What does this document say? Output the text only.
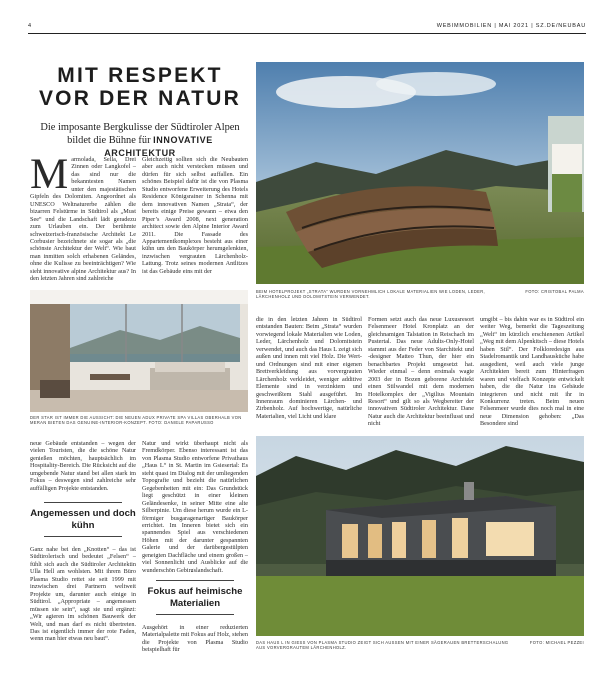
4	WEBIMMOBILIEN | MAI 2021 | SZ.DE/NEUBAU
MIT RESPEKT
VOR DER NATUR
Die imposante Bergkulisse der Südtiroler Alpen bildet die Bühne für INNOVATIVE ARCHITEKTUR
Marmolada, Sella, Drei Zinnen oder Langkofel – das sind nur die bekanntesten Namen unter den majestätischen Gipfeln des Dolomiten. Angeordnet als UNESCO Weltnaturerbe zählen die bizarren Felstürme in Südtirol als „Must See“ und die Landschaft lädt geradezu zum Urlauben ein. Der berühmte schweizerisch-französische Architekt Le Corbusier bezeichnete sie sogar als „die schönste Architektur der Welt“. Wie baut man inmitten solch erhabenen Geländes, ohne die Kulisse zu beeinträchtigen? Wie sieht innovative alpine Architektur aus? In den letzten Jahren sind zahlreiche
Gleichzeitig sollten sich die Neubauten aber auch nicht verstecken müssen und dürfen für sich selbst auffallen. Ein schönes Beispiel dafür ist die von Plasma Studio entworfene Erweiterung des Hotels Residence Königsrainer in Schenna mit dem innovativen Namen „Strata“, der bereits einige Preise gewann – etwa den Piper’s Award 2008, next generation architect sowie den Alpine Interior Award 2011. Die Fassade des Appartementkomplexes besteht aus einer kühn um den Baukörper herumgelenkten, inzwischen vergrauten Lärchenholz-Lattung. Trotz seines modernen Antlitzes ist das Gebäude eins mit der
BEIM HOTELPROJEKT „STRATA“ WURDEN VORNEHMLICH LOKALE MATERIALIEN WIE LODEN, LEDER, LÄRCHENHOLZ UND DOLOMITSTEIN VERWENDET.
FOTO: CRISTOBAL PALMA
DER STAR IST IMMER DIE AUSSICHT: DIE NEUEN ADUX PRIVATE SPA VILLAS OBERHALB VON MERAN BIETEN DAS GENUINE-INTERIOR-KONZEPT. FOTO: DANIELE PAPARUSSO
die in den letzten Jahren in Südtirol entstanden Bauten: Beim „Strata“ wurden vorwiegend lokale Materialien wie Loden, Leder, Lärchenholz und Dolomitstein verwendet, und auch das Haus L zeigt sich außen und innen mit viel Holz. Die Wert- und Ordnungen sind mit einer eigenen Brettverkleidung aus vorvergrauten Lärchenholz verkleidet, weniger additive Elemente sind in verzinktem und geschweißtem Stahl ausgeführt. Im Innenraum dominieren Lärchen- und Zirbenholz. Auf hochwertige, natürliche Materialien, viel Licht und klare
Formen setzt auch das neue Luxusresort Felsenmeer Hotel Kronplatz an der gleichnamigen Talstation in Reischach im Pustertal. Das neue Adults-Only-Hotel stammt aus der Feder von Starchitekt und -designer Matteo Thun, der hier ein benachbartes Projekt umgesetzt hat. Wieder einmal – denn erstmals wagte 2003 der in Bozen geborene Architekt einen Stilwandel mit dem modernen Hotelkomplex der „Vigilius Mountain Resort“ und gilt so als Wegbereiter der innovativen Südtiroler Architektur. Dane Natur auch die Architektur beeinflusst und nicht
umgibt – bis dahin war es in Südtirol ein weiter Weg, bemerkt die Tageszeitung „Welt“ im kürzlich erschienenen Artikel „Weg mit dem Alpenkitsch – diese Hotels haben Stil“. Der Folkloredesign aus Stadelromantik und Landhausküche habe ausgedient, weil auch viele junge Architekten bereit zum Hinterfragen waren und vielfach Konzepte entwickelt haben, die die Natur ins Gebäude integrieren und nicht mit ihr in Konkurrenz treten. Beim neuen Felsenmeer wurde dies noch mal in eine neue Dimension gehoben: „Das Besondere sind
neue Gebäude entstanden – wegen der vielen Touristen, die die schöne Natur genießen möchten, hauptsächlich im Hospitality-Bereich. Die Rücksicht auf die umgebende Natur stand bei allen stark im Fokus – deswegen sind zahlreiche sehr auffälligen Projekte entstanden.
Angemessen und doch kühn
Ganz nahe bei den „Knotten“ – das ist Südtirolerisch und bedeutet „Felsen“ – fühlt sich auch die Südtiroler Architektin Ulla Hell am wohlsten. Mit ihrem Büro Plasma Studio rettet sie seit 1999 mit inzwischen drei Partnern weltweit Projekte um, darunter auch einige in Südtirol. „Appropriate – angemessen müssen sie sein“, sagt sie und ergänzt: „Wir agieren im schönen Bauwerk der Welt, und man darf es nicht übertreten. Das ist eigentlich immer der rote Faden, wenn man hier etwas neu baut“.
Natur und wirkt überhaupt nicht als Fremdkörper. Ebenso interessant ist das von Plasma Studio entworfene Privathaus „Haus L“ in St. Martin im Gsiesertal: Es steht quasi im Dialog mit der umliegenden Topografie und bezieht die natürlichen Gegebenheiten mit ein: Das Grundstück liegt geschützt in einer kleinen Geländesenke, in seiner Mitte eine alte Silberpinie. Um diese herum wurde ein L-förmiger busgaragenartiger Baukörper errichtet. Im Inneren bietet sich ein spannendes Spiel aus verschiedenen Höhen mit der darunter gespannten Galerie und der darübergestülpten geneigten Dachfläche und einem großen – viel Sonnenlicht und Ausblicke auf die wunderschön Gebirgslandschaft.
Fokus auf heimische Materialien
Ausgehört in einer reduzierten Materialpalette mit Fokus auf Holz, stehen die Projekte von Plasma Studio beispielhaft für
DAS HAUS L IN GIESS VON PLASMA STUDIO ZEIGT SICH AUSSEN MIT EINER SÄGERAUEN BRETTERSCHALUNG AUS VORVERGRAUTEM LÄRCHENHOLZ.
FOTO: MICHAEL PEZZEI
